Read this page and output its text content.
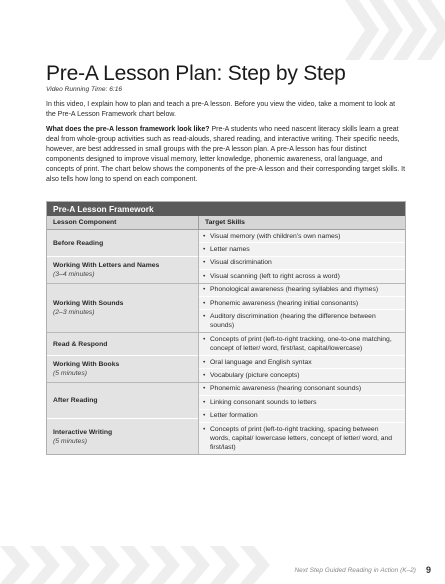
Pre-A Lesson Plan: Step by Step
Video Running Time: 6:16

In this video, I explain how to plan and teach a pre-A lesson. Before you view the video, take a moment to look at the Pre-A Lesson Framework chart below.

What does the pre-A lesson framework look like? Pre-A students who need nascent literacy skills learn a great deal from whole-group activities such as read-alouds, shared reading, and interactive writing. Their specific needs, however, are best addressed in small groups with the pre-A lesson plan. A pre-A lesson has four distinct components designed to improve visual memory, letter knowledge, phonemic awareness, oral language, and concepts of print. The chart below shows the components of the pre-A lesson and their corresponding target skills. It also tells how long to spend on each component.

Pre-A Lesson Framework
Lesson Component	Target Skills
Before Reading
Working With Letters and Names
(3–4 minutes)
• Visual memory (with children’s own names)
• Letter names
• Visual discrimination
• Visual scanning (left to right across a word)
Working With Sounds
(2–3 minutes)
• Phonological awareness (hearing syllables and rhymes)
• Phonemic awareness (hearing initial consonants)
• Auditory discrimination (hearing the difference between sounds)
Read & Respond
Working With Books
(5 minutes)
• Concepts of print (left-to-right tracking, one-to-one matching, concept of letter/ word, first/last, capital/lowercase)
• Oral language and English syntax
• Vocabulary (picture concepts)
After Reading
Interactive Writing
(5 minutes)
• Phonemic awareness (hearing consonant sounds)
• Linking consonant sounds to letters
• Letter formation
• Concepts of print (left-to-right tracking, spacing between words, capital/ lowercase letters, concept of letter/ word, and first/last)
Next Step Guided Reading in Action (K–2) 9
